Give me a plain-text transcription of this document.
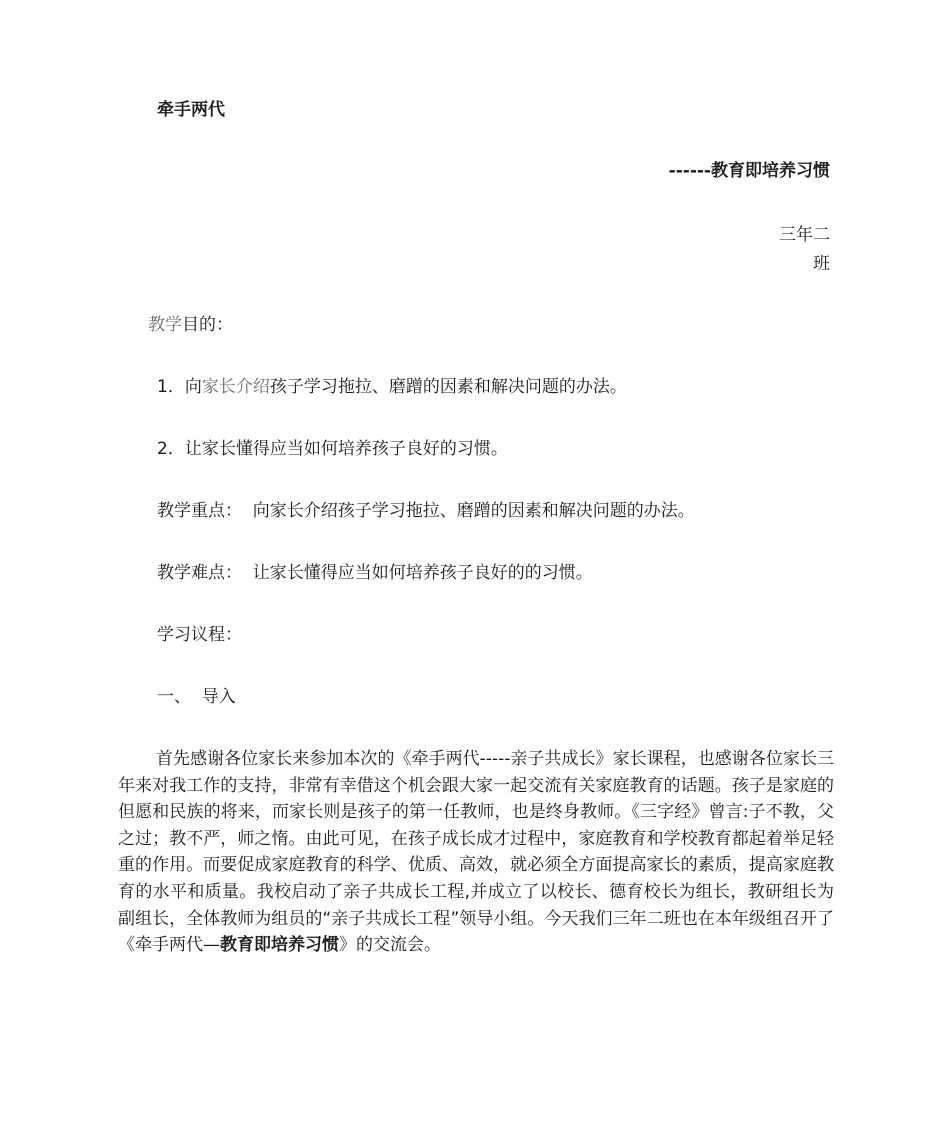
牵手两代
------教育即培养习惯
三年二
班
教学目的：
1．向家长介绍孩子学习拖拉、磨蹭的因素和解决问题的办法。
2．让家长懂得应当如何培养孩子良好的习惯。
教学重点：  向家长介绍孩子学习拖拉、磨蹭的因素和解决问题的办法。
教学难点：  让家长懂得应当如何培养孩子良好的的习惯。
学习议程：
一、  导入

首先感谢各位家长来参加本次的《牵手两代-----亲子共成长》家长课程，也感谢各位家长三年来对我工作的支持，非常有幸借这个机会跟大家一起交流有关家庭教育的话题。孩子是家庭的但愿和民族的将来，而家长则是孩子的第一任教师，也是终身教师。《三字经》曾言:子不教，父之过；教不严，师之惰。由此可见，在孩子成长成才过程中，家庭教育和学校教育都起着举足轻重的作用。而要促成家庭教育的科学、优质、高效，就必须全方面提高家长的素质，提高家庭教育的水平和质量。我校启动了亲子共成长工程,并成立了以校长、德育校长为组长，教研组长为副组长，全体教师为组员的“亲子共成长工程”领导小组。今天我们三年二班也在本年级组召开了《牵手两代—教育即培养习惯》的交流会。
